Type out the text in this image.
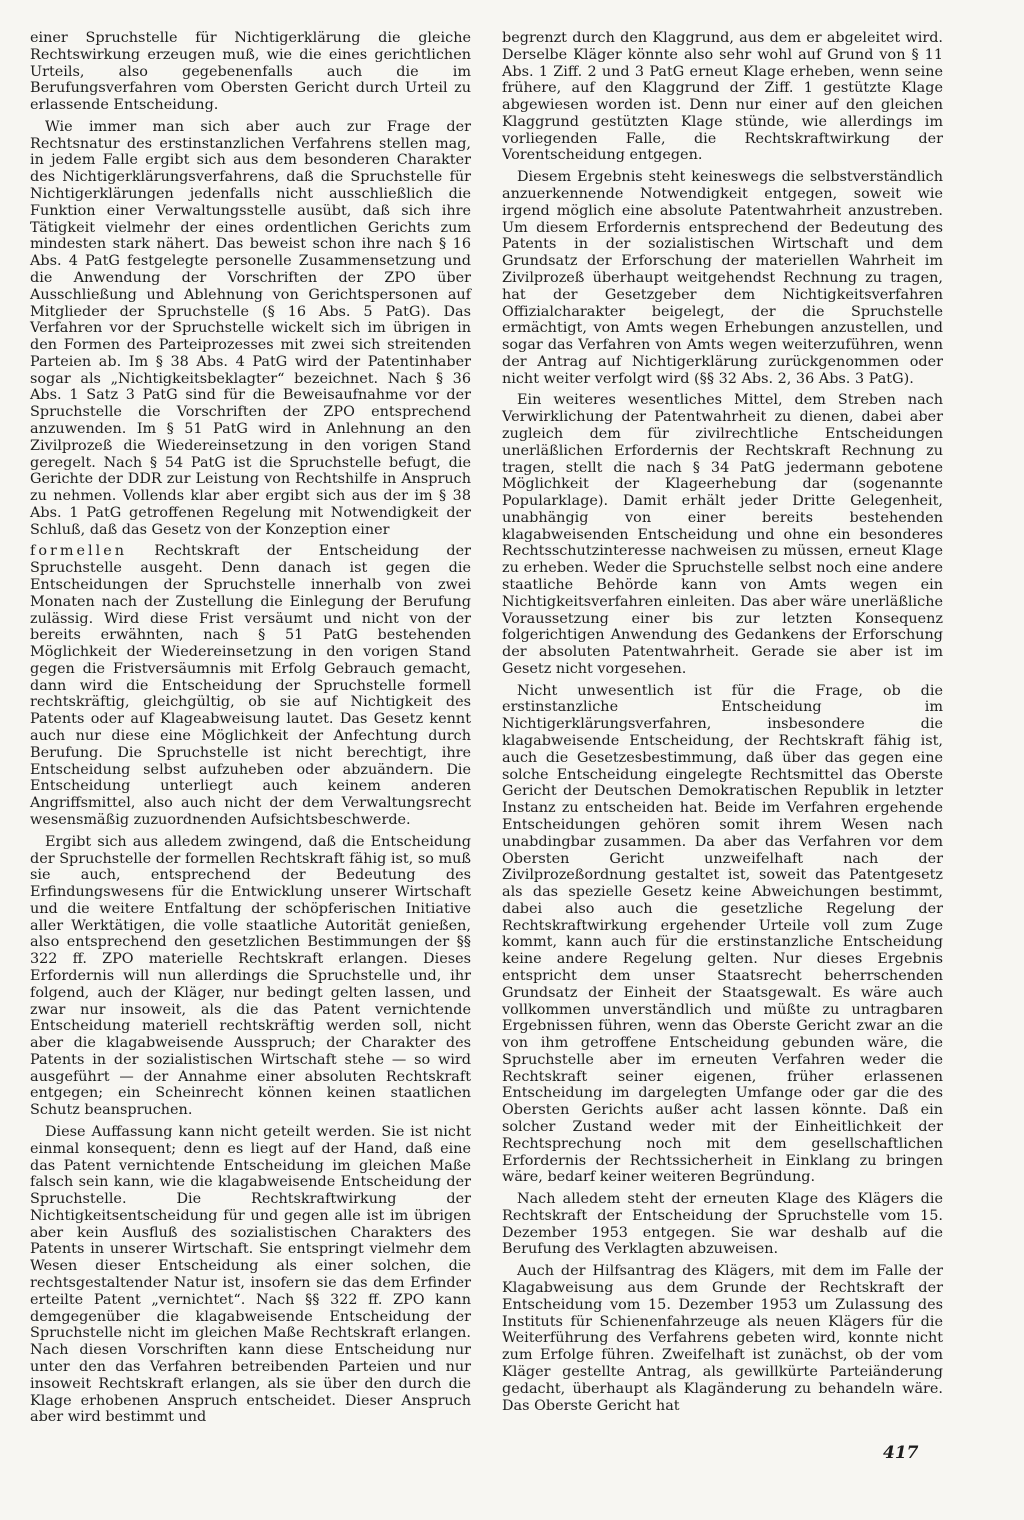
einer Spruchstelle für Nichtigerklärung die gleiche Rechtswirkung erzeugen muß, wie die eines gerichtlichen Urteils, also gegebenenfalls auch die im Berufungsverfahren vom Obersten Gericht durch Urteil zu erlassende Entscheidung.

Wie immer man sich aber auch zur Frage der Rechtsnatur des erstinstanzlichen Verfahrens stellen mag, in jedem Falle ergibt sich aus dem besonderen Charakter des Nichtigerklärungsverfahrens, daß die Spruchstelle für Nichtigerklärungen jedenfalls nicht ausschließlich die Funktion einer Verwaltungsstelle ausübt, daß sich ihre Tätigkeit vielmehr der eines ordentlichen Gerichts zum mindesten stark nähert. Das beweist schon ihre nach § 16 Abs. 4 PatG festgelegte personelle Zusammensetzung und die Anwendung der Vorschriften der ZPO über Ausschließung und Ablehnung von Gerichtspersonen auf Mitglieder der Spruchstelle (§ 16 Abs. 5 PatG). Das Verfahren vor der Spruchstelle wickelt sich im übrigen in den Formen des Parteiprozesses mit zwei sich streitenden Parteien ab. Im § 38 Abs. 4 PatG wird der Patentinhaber sogar als „Nichtigkeitsbeklagter“ bezeichnet. Nach § 36 Abs. 1 Satz 3 PatG sind für die Beweisaufnahme vor der Spruchstelle die Vorschriften der ZPO entsprechend anzuwenden. Im § 51 PatG wird in Anlehnung an den Zivilprozeß die Wiedereinsetzung in den vorigen Stand geregelt. Nach § 54 PatG ist die Spruchstelle befugt, die Gerichte der DDR zur Leistung von Rechtshilfe in Anspruch zu nehmen. Vollends klar aber ergibt sich aus der im § 38 Abs. 1 PatG getroffenen Regelung mit Notwendigkeit der Schluß, daß das Gesetz von der Konzeption einer

formellen Rechtskraft der Entscheidung der Spruchstelle ausgeht. Denn danach ist gegen die Entscheidungen der Spruchstelle innerhalb von zwei Monaten nach der Zustellung die Einlegung der Berufung zulässig. Wird diese Frist versäumt und nicht von der bereits erwähnten, nach § 51 PatG bestehenden Möglichkeit der Wiedereinsetzung in den vorigen Stand gegen die Fristversäumnis mit Erfolg Gebrauch gemacht, dann wird die Entscheidung der Spruchstelle formell rechtskräftig, gleichgültig, ob sie auf Nichtigkeit des Patents oder auf Klageabweisung lautet. Das Gesetz kennt auch nur diese eine Möglichkeit der Anfechtung durch Berufung. Die Spruchstelle ist nicht berechtigt, ihre Entscheidung selbst aufzuheben oder abzuändern. Die Entscheidung unterliegt auch keinem anderen Angriffsmittel, also auch nicht der dem Verwaltungsrecht wesensmäßig zuzuordnenden Aufsichtsbeschwerde.

Ergibt sich aus alledem zwingend, daß die Entscheidung der Spruchstelle der formellen Rechtskraft fähig ist, so muß sie auch, entsprechend der Bedeutung des Erfindungswesens für die Entwicklung unserer Wirtschaft und die weitere Entfaltung der schöpferischen Initiative aller Werktätigen, die volle staatliche Autorität genießen, also entsprechend den gesetzlichen Bestimmungen der §§ 322 ff. ZPO materielle Rechtskraft erlangen. Dieses Erfordernis will nun allerdings die Spruchstelle und, ihr folgend, auch der Kläger, nur bedingt gelten lassen, und zwar nur insoweit, als die das Patent vernichtende Entscheidung materiell rechtskräftig werden soll, nicht aber die klagabweisende Ausspruch; der Charakter des Patents in der sozialistischen Wirtschaft stehe — so wird ausgeführt — der Annahme einer absoluten Rechtskraft entgegen; ein Scheinrecht können keinen staatlichen Schutz beanspruchen.

Diese Auffassung kann nicht geteilt werden. Sie ist nicht einmal konsequent; denn es liegt auf der Hand, daß eine das Patent vernichtende Entscheidung im gleichen Maße falsch sein kann, wie die klagabweisende Entscheidung der Spruchstelle. Die Rechtskraftwirkung der Nichtigkeitsentscheidung für und gegen alle ist im übrigen aber kein Ausfluß des sozialistischen Charakters des Patents in unserer Wirtschaft. Sie entspringt vielmehr dem Wesen dieser Entscheidung als einer solchen, die rechtsgestaltender Natur ist, insofern sie das dem Erfinder erteilte Patent „vernichtet“. Nach §§ 322 ff. ZPO kann demgegenüber die klagabweisende Entscheidung der Spruchstelle nicht im gleichen Maße Rechtskraft erlangen. Nach diesen Vorschriften kann diese Entscheidung nur unter den das Verfahren betreibenden Parteien und nur insoweit Rechtskraft erlangen, als sie über den durch die Klage erhobenen Anspruch entscheidet. Dieser Anspruch aber wird bestimmt und

begrenzt durch den Klaggrund, aus dem er abgeleitet wird. Derselbe Kläger könnte also sehr wohl auf Grund von § 11 Abs. 1 Ziff. 2 und 3 PatG erneut Klage erheben, wenn seine frühere, auf den Klaggrund der Ziff. 1 gestützte Klage abgewiesen worden ist. Denn nur einer auf den gleichen Klaggrund gestützten Klage stünde, wie allerdings im vorliegenden Falle, die Rechtskraftwirkung der Vorentscheidung entgegen.

Diesem Ergebnis steht keineswegs die selbstverständlich anzuerkennende Notwendigkeit entgegen, soweit wie irgend möglich eine absolute Patentwahrheit anzustreben. Um diesem Erfordernis entsprechend der Bedeutung des Patents in der sozialistischen Wirtschaft und dem Grundsatz der Erforschung der materiellen Wahrheit im Zivilprozeß überhaupt weitgehendst Rechnung zu tragen, hat der Gesetzgeber dem Nichtigkeitsverfahren Offizialcharakter beigelegt, der die Spruchstelle ermächtigt, von Amts wegen Erhebungen anzustellen, und sogar das Verfahren von Amts wegen weiterzuführen, wenn der Antrag auf Nichtigerklärung zurückgenommen oder nicht weiter verfolgt wird (§§ 32 Abs. 2, 36 Abs. 3 PatG).

Ein weiteres wesentliches Mittel, dem Streben nach Verwirklichung der Patentwahrheit zu dienen, dabei aber zugleich dem für zivilrechtliche Entscheidungen unerläßlichen Erfordernis der Rechtskraft Rechnung zu tragen, stellt die nach § 34 PatG jedermann gebotene Möglichkeit der Klageerhebung dar (sogenannte Popularklage). Damit erhält jeder Dritte Gelegenheit, unabhängig von einer bereits bestehenden klagabweisenden Entscheidung und ohne ein besonderes Rechtsschutzinteresse nachweisen zu müssen, erneut Klage zu erheben. Weder die Spruchstelle selbst noch eine andere staatliche Behörde kann von Amts wegen ein Nichtigkeitsverfahren einleiten. Das aber wäre unerläßliche Voraussetzung einer bis zur letzten Konsequenz folgerichtigen Anwendung des Gedankens der Erforschung der absoluten Patentwahrheit. Gerade sie aber ist im Gesetz nicht vorgesehen.

Nicht unwesentlich ist für die Frage, ob die erstinstanzliche Entscheidung im Nichtigerklärungsverfahren, insbesondere die klagabweisende Entscheidung, der Rechtskraft fähig ist, auch die Gesetzesbestimmung, daß über das gegen eine solche Entscheidung eingelegte Rechtsmittel das Oberste Gericht der Deutschen Demokratischen Republik in letzter Instanz zu entscheiden hat. Beide im Verfahren ergehende Entscheidungen gehören somit ihrem Wesen nach unabdingbar zusammen. Da aber das Verfahren vor dem Obersten Gericht unzweifelhaft nach der Zivilprozeßordnung gestaltet ist, soweit das Patentgesetz als das spezielle Gesetz keine Abweichungen bestimmt, dabei also auch die gesetzliche Regelung der Rechtskraftwirkung ergehender Urteile voll zum Zuge kommt, kann auch für die erstinstanzliche Entscheidung keine andere Regelung gelten. Nur dieses Ergebnis entspricht dem unser Staatsrecht beherrschenden Grundsatz der Einheit der Staatsgewalt. Es wäre auch vollkommen unverständlich und müßte zu untragbaren Ergebnissen führen, wenn das Oberste Gericht zwar an die von ihm getroffene Entscheidung gebunden wäre, die Spruchstelle aber im erneuten Verfahren weder die Rechtskraft seiner eigenen, früher erlassenen Entscheidung im dargelegten Umfange oder gar die des Obersten Gerichts außer acht lassen könnte. Daß ein solcher Zustand weder mit der Einheitlichkeit der Rechtsprechung noch mit dem gesellschaftlichen Erfordernis der Rechtssicherheit in Einklang zu bringen wäre, bedarf keiner weiteren Begründung.

Nach alledem steht der erneuten Klage des Klägers die Rechtskraft der Entscheidung der Spruchstelle vom 15. Dezember 1953 entgegen. Sie war deshalb auf die Berufung des Verklagten abzuweisen.

Auch der Hilfsantrag des Klägers, mit dem im Falle der Klagabweisung aus dem Grunde der Rechtskraft der Entscheidung vom 15. Dezember 1953 um Zulassung des Instituts für Schienenfahrzeuge als neuen Klägers für die Weiterführung des Verfahrens gebeten wird, konnte nicht zum Erfolge führen. Zweifelhaft ist zunächst, ob der vom Kläger gestellte Antrag, als gewillkürte Parteiänderung gedacht, überhaupt als Klagänderung zu behandeln wäre. Das Oberste Gericht hat

417
